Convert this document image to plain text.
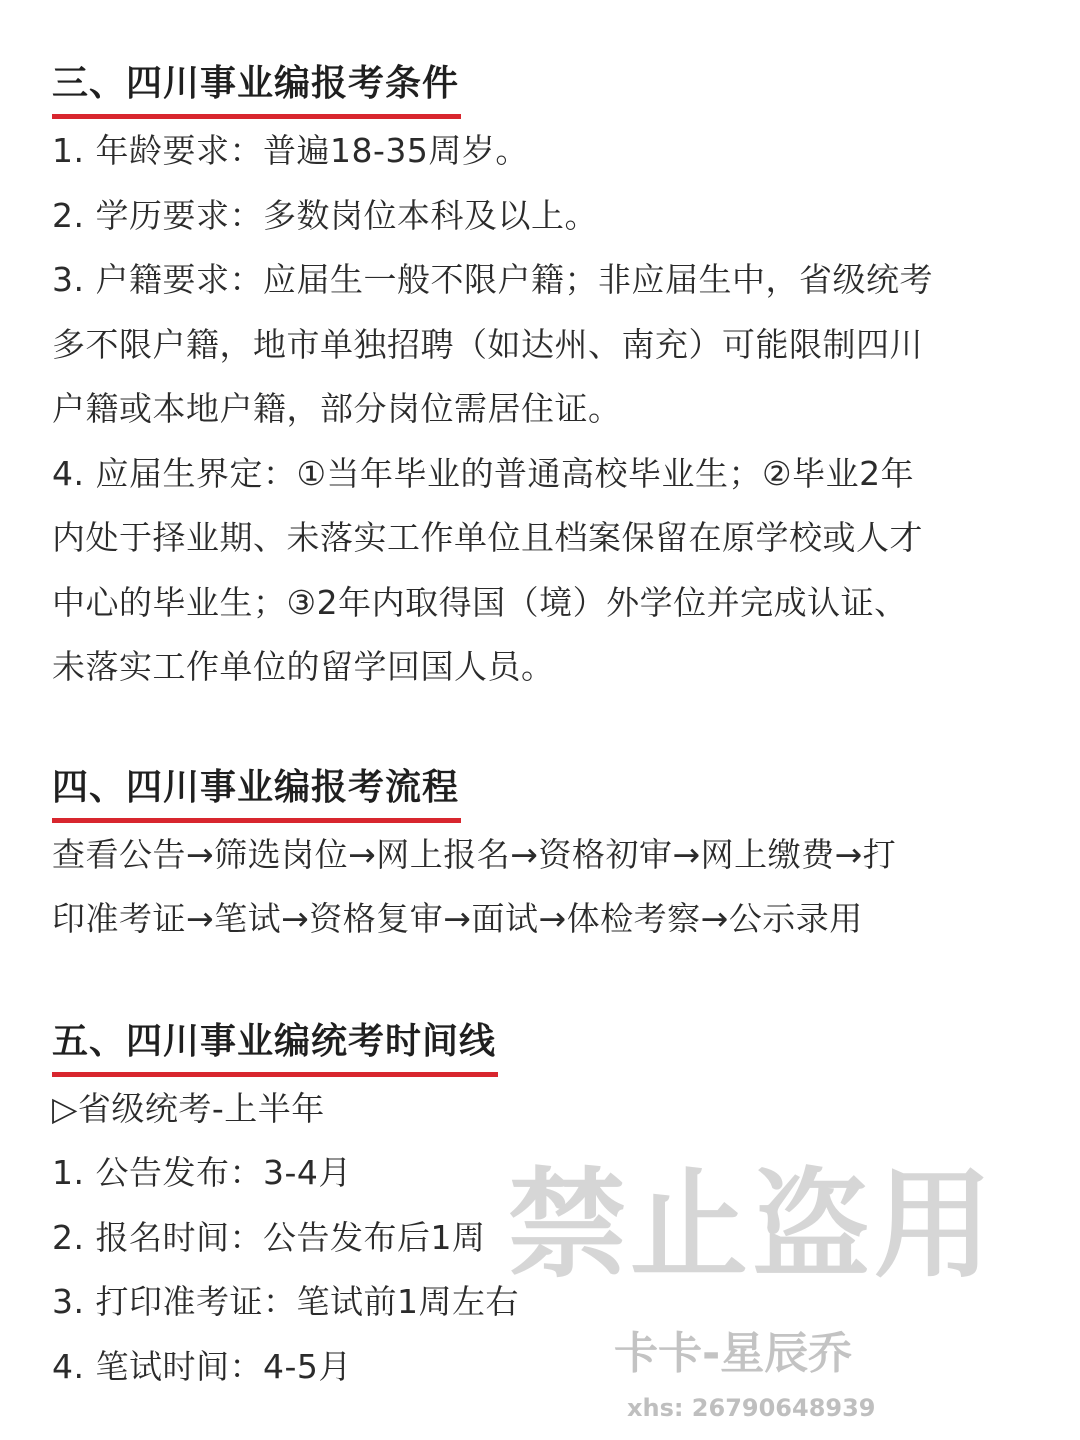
三、四川事业编报考条件

1. 年龄要求：普遍18-35周岁。

2. 学历要求：多数岗位本科及以上。

3. 户籍要求：应届生一般不限户籍；非应届生中，省级统考

多不限户籍，地市单独招聘（如达州、南充）可能限制四川

户籍或本地户籍，部分岗位需居住证。

4. 应届生界定：①当年毕业的普通高校毕业生；②毕业2年

内处于择业期、未落实工作单位且档案保留在原学校或人才

中心的毕业生；③2年内取得国（境）外学位并完成认证、

未落实工作单位的留学回国人员。

四、四川事业编报考流程

查看公告→筛选岗位→网上报名→资格初审→网上缴费→打

印准考证→笔试→资格复审→面试→体检考察→公示录用

五、四川事业编统考时间线

▷省级统考-上半年

1. 公告发布：3-4月

2. 报名时间：公告发布后1周

3. 打印准考证：笔试前1周左右

4. 笔试时间：4-5月

禁止盗用
卡卡-星辰乔
xhs: 26790648939
